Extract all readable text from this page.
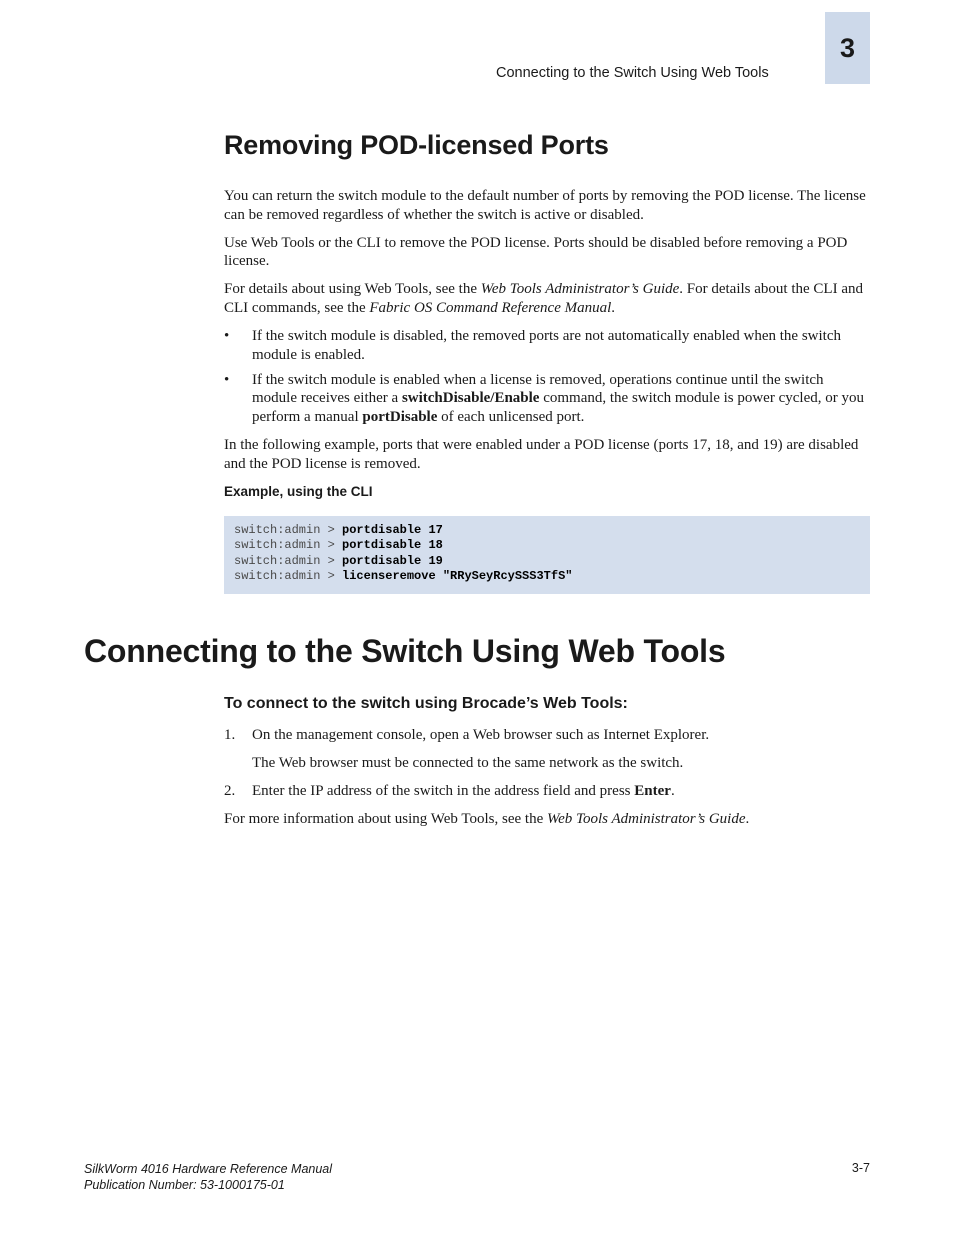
Connecting to the Switch Using Web Tools
3
Removing POD-licensed Ports

You can return the switch module to the default number of ports by removing the POD license. The license can be removed regardless of whether the switch is active or disabled.

Use Web Tools or the CLI to remove the POD license. Ports should be disabled before removing a POD license.

For details about using Web Tools, see the Web Tools Administrator’s Guide. For details about the CLI and CLI commands, see the Fabric OS Command Reference Manual.

• If the switch module is disabled, the removed ports are not automatically enabled when the switch module is enabled.
• If the switch module is enabled when a license is removed, operations continue until the switch module receives either a switchDisable/Enable command, the switch module is power cycled, or you perform a manual portDisable of each unlicensed port.

In the following example, ports that were enabled under a POD license (ports 17, 18, and 19) are disabled and the POD license is removed.

Example, using the CLI
switch:admin > portdisable 17
switch:admin > portdisable 18
switch:admin > portdisable 19
switch:admin > licenseremove "RRySeyRcySSS3TfS"
Connecting to the Switch Using Web Tools
To connect to the switch using Brocade’s Web Tools:
1. On the management console, open a Web browser such as Internet Explorer.
The Web browser must be connected to the same network as the switch.
2. Enter the IP address of the switch in the address field and press Enter.

For more information about using Web Tools, see the Web Tools Administrator’s Guide.

SilkWorm 4016 Hardware Reference Manual
Publication Number: 53-1000175-01
3-7
